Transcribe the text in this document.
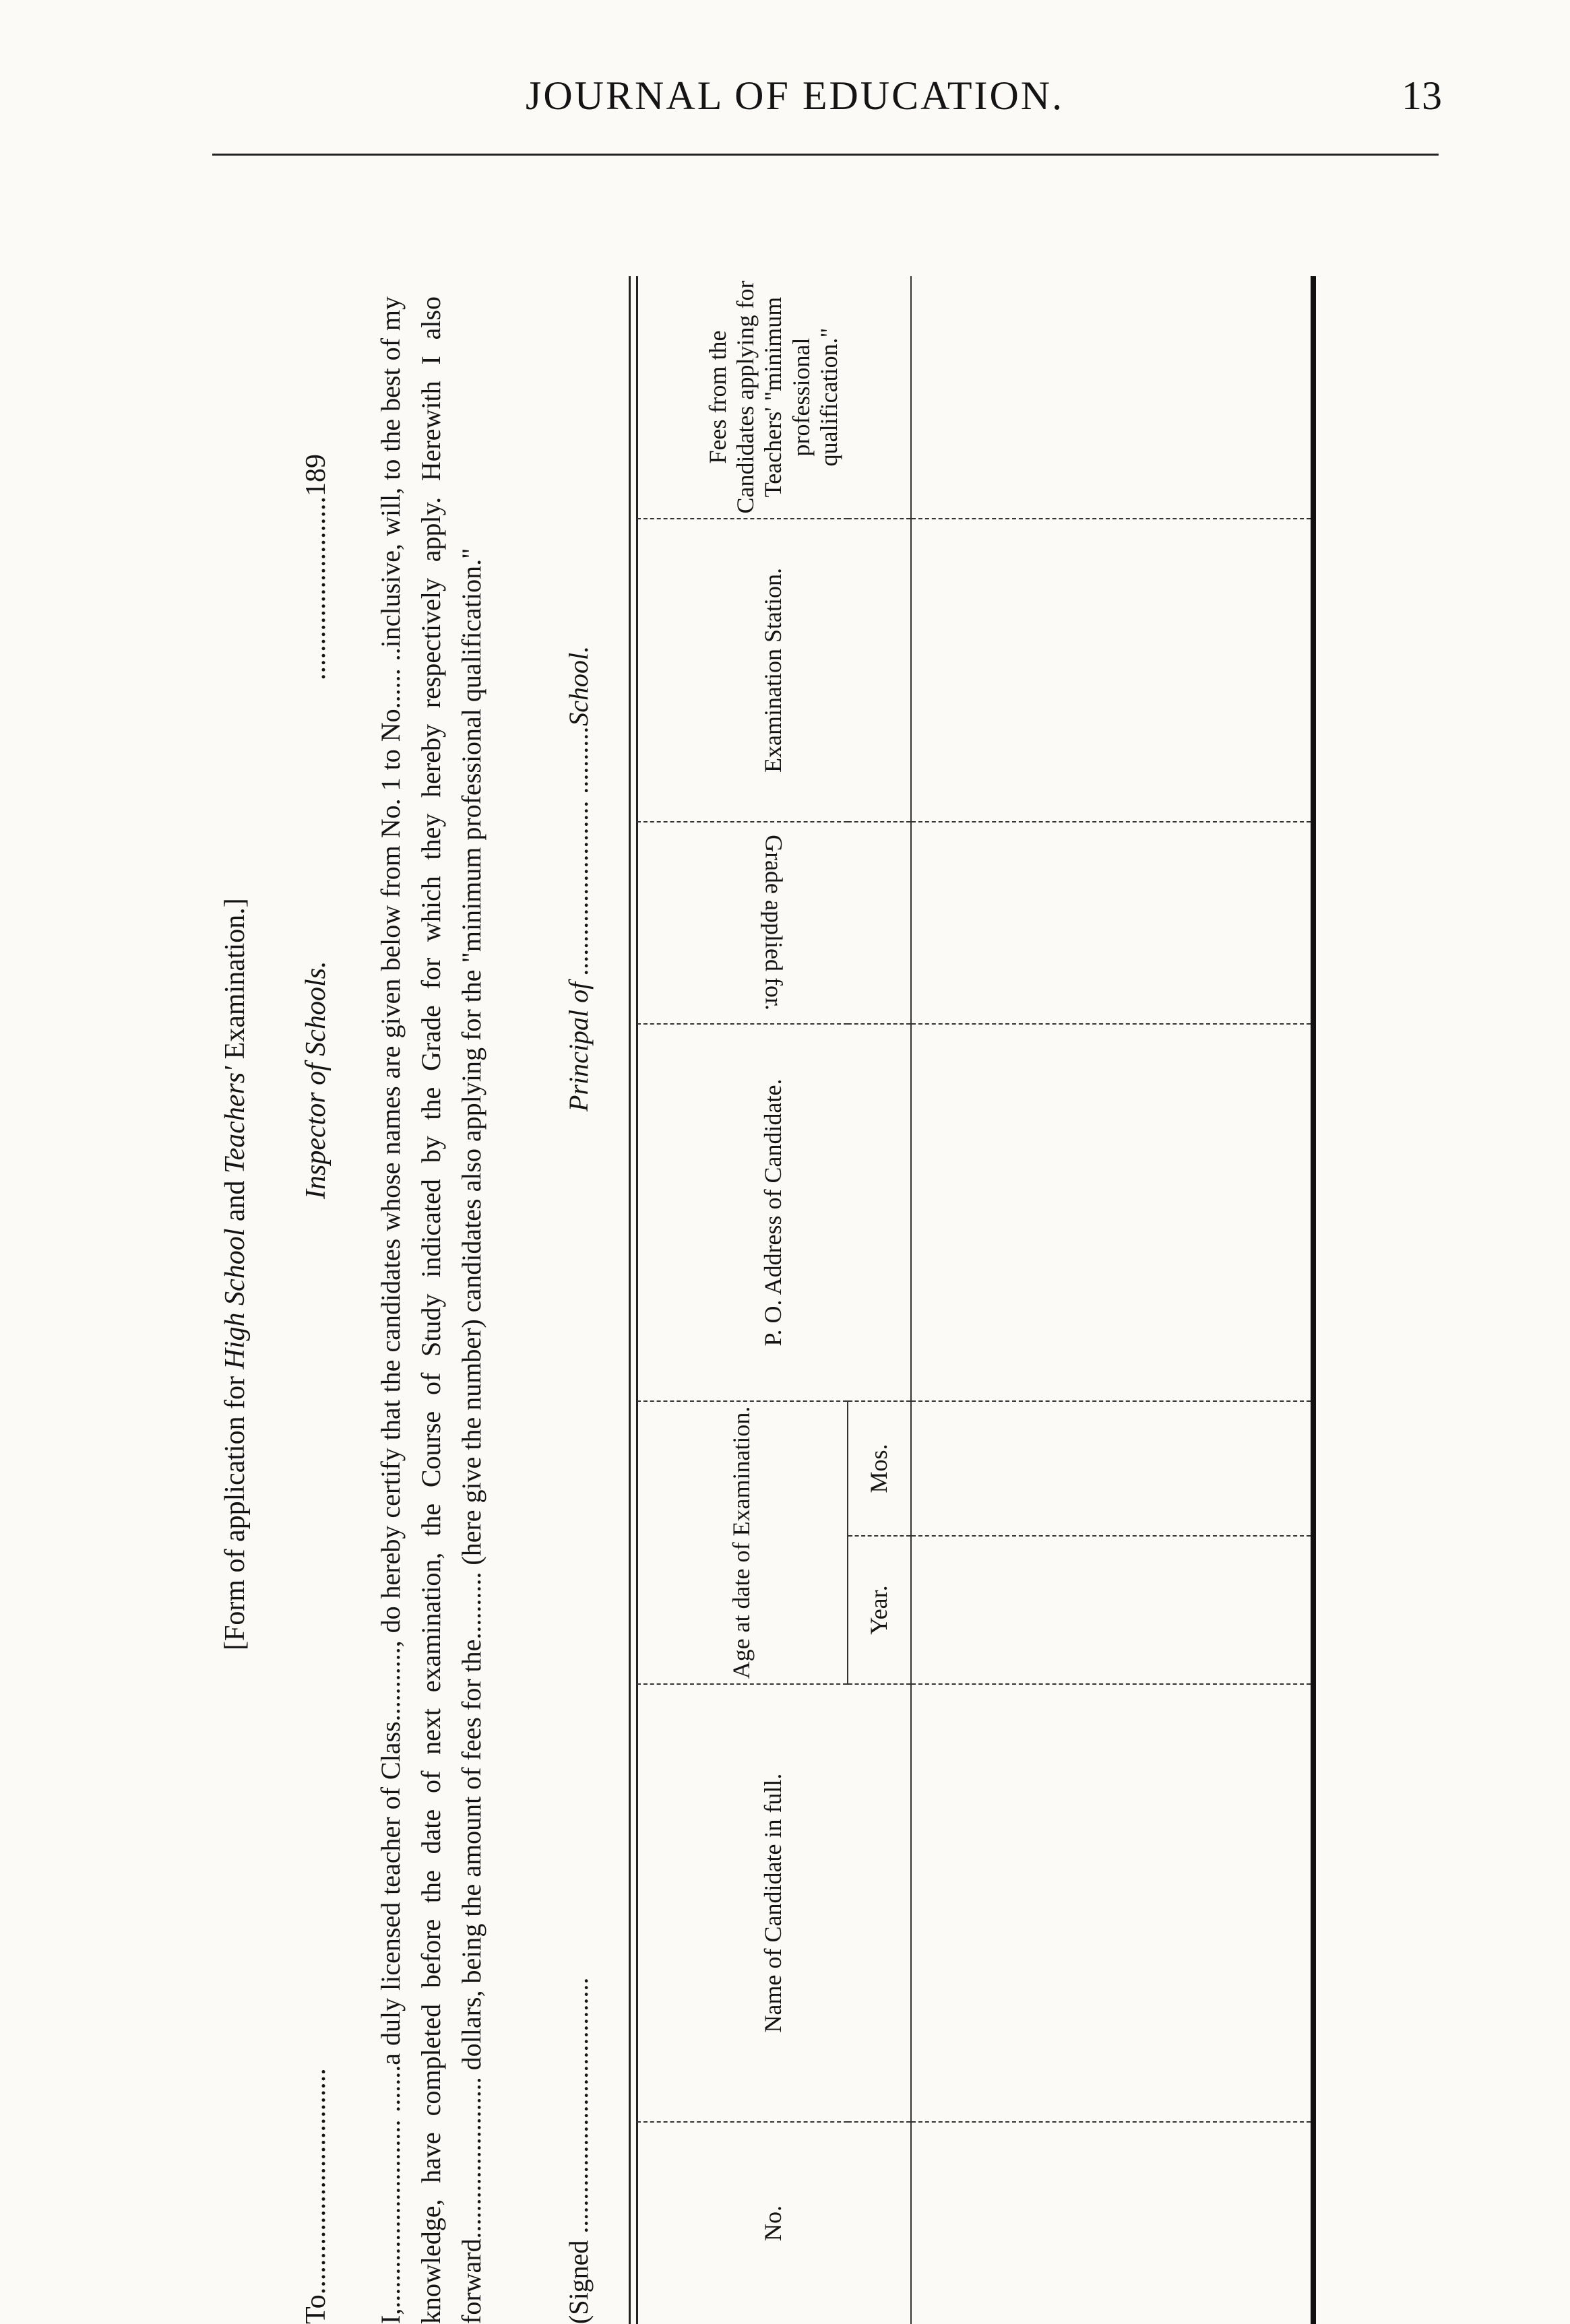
JOURNAL OF EDUCATION.	13
[Form of application for High School and Teachers' Examination.]
To................................
Inspector of Schools.
..........................189 I,............................ .......a duly licensed teacher of Class..........., do hereby certify that the candidates whose names are given below from No. 1 to No...... ..inclusive, will, to the best of my knowledge, have completed before the date of next examination, the Course of Study indicated by the Grade for which they hereby respectively apply. Herewith I also forward........................ dollars, being the amount of fees for the.......... (here give the number) candidates also applying for the "minimum professional qualification."	(Signed ......................................
Principal of .......................... ..........School.
No.	Name of Candidate in full.	Age at date of Examination.		P. O. Address of Candidate.	Grade applied for.	Examination Station.	Fees from the Candidates applying for Teachers' "minimum professional qualification."
		Year.	Mos.				
